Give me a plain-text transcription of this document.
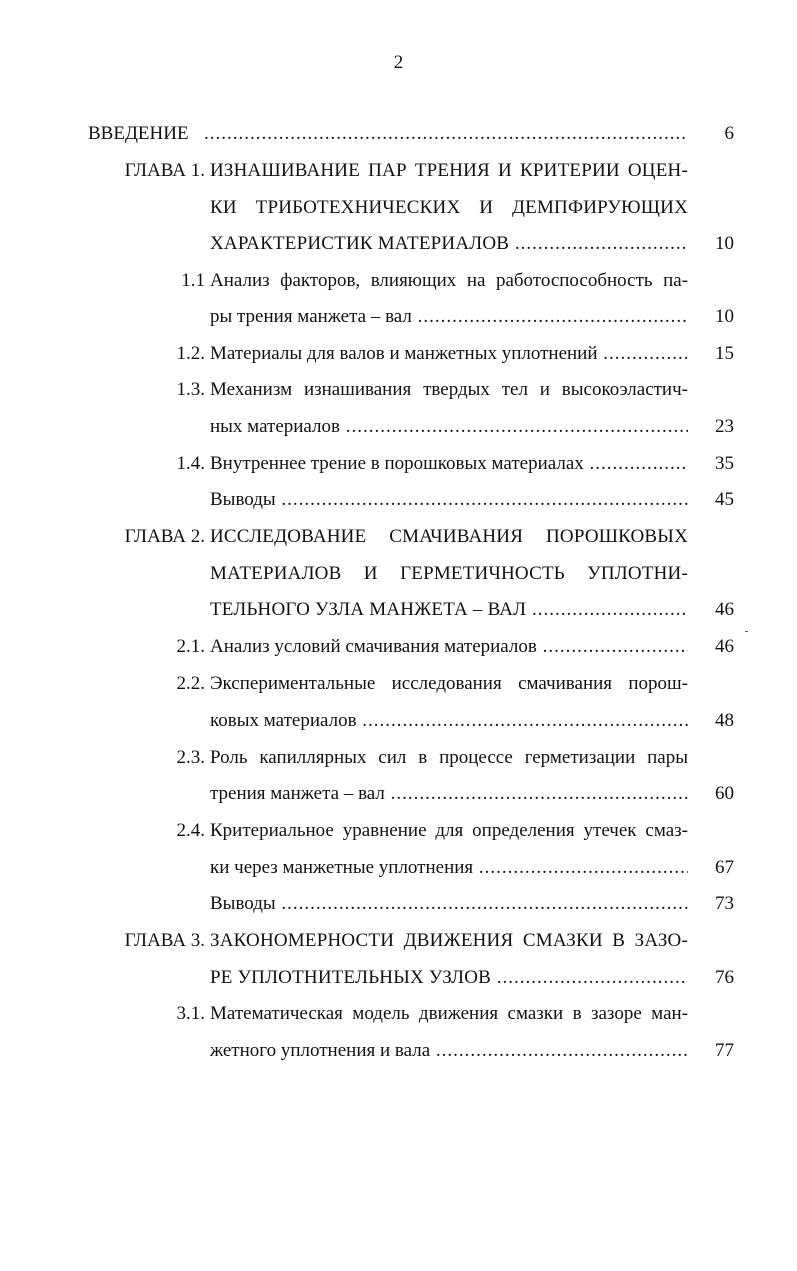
2
ВВЕДЕНИЕ .....	6
ГЛАВА 1. ИЗНАШИВАНИЕ ПАР ТРЕНИЯ И КРИТЕРИИ ОЦЕН-
КИ ТРИБОТЕХНИЧЕСКИХ И ДЕМПФИРУЮЩИХ
ХАРАКТЕРИСТИК МАТЕРИАЛОВ .....	10
1.1 Анализ факторов, влияющих на работоспособность па-
ры трения манжета – вал .....	10
1.2. Материалы для валов и манжетных уплотнений .....	15
1.3. Механизм изнашивания твердых тел и высокоэластич-
ных материалов .....	23
1.4. Внутреннее трение в порошковых материалах .....	35
Выводы .....	45
ГЛАВА 2. ИССЛЕДОВАНИЕ СМАЧИВАНИЯ ПОРОШКОВЫХ
МАТЕРИАЛОВ И ГЕРМЕТИЧНОСТЬ УПЛОТНИ-
ТЕЛЬНОГО УЗЛА МАНЖЕТА – ВАЛ .....	46
2.1. Анализ условий смачивания материалов .....	46
2.2. Экспериментальные исследования смачивания порош-
ковых материалов .....	48
2.3. Роль капиллярных сил в процессе герметизации пары
трения манжета – вал .....	60
2.4. Критериальное уравнение для определения утечек смаз-
ки через манжетные уплотнения .....	67
Выводы .....	73
ГЛАВА 3. ЗАКОНОМЕРНОСТИ ДВИЖЕНИЯ СМАЗКИ В ЗАЗО-
РЕ УПЛОТНИТЕЛЬНЫХ УЗЛОВ .....	76
3.1. Математическая модель движения смазки в зазоре ман-
жетного уплотнения и вала .....	77
